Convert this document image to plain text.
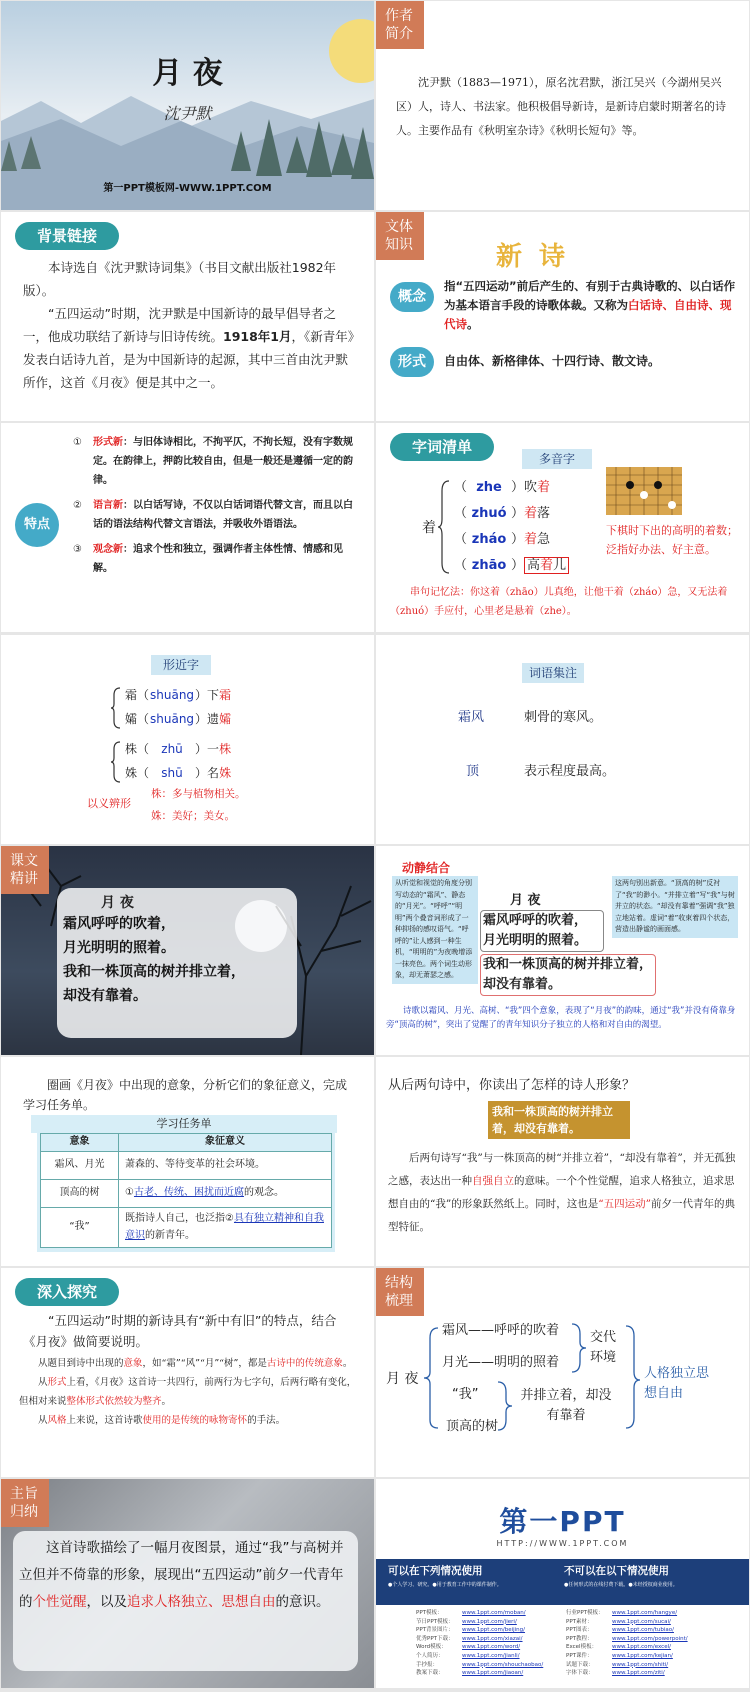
月 夜
沈尹默
第一PPT模板网-WWW.1PPT.COM
作者
简介
沈尹默（1883—1971），原名沈君默，浙江吴兴（今湖州吴兴区）人，诗人、书法家。他积极倡导新诗，是新诗启蒙时期著名的诗人。主要作品有《秋明室杂诗》《秋明长短句》等。
背景链接

本诗选自《沈尹默诗词集》（书目文献出版社1982年版）。

“五四运动”时期，沈尹默是中国新诗的最早倡导者之一，他成功联结了新诗与旧诗传统。1918年1月，《新青年》发表白话诗九首，是为中国新诗的起源，其中三首由沈尹默所作，这首《月夜》便是其中之一。

文体
知识	新 诗
概念
指“五四运动”前后产生的、有别于古典诗歌的、以白话作为基本语言手段的诗歌体裁。又称为白话诗、自由诗、现代诗。
形式	自由体、新格律体、十四行诗、散文诗。
特点
①	形式新：与旧体诗相比，不拘平仄，不拘长短，没有字数规定。在韵律上，押韵比较自由，但是一般还是遵循一定的韵律。
②	语言新：以白话写诗，不仅以白话词语代替文言，而且以白话的语法结构代替文言语法，并吸收外语语法。
③	观念新：追求个性和独立，强调作者主体性情、情感和见解。
字词清单
多音字
着
（ zhe ）吹着
（ zhuó ）着落
（ zháo ）着急
（ zhāo ） 高着儿
下棋时下出的高明的着数；泛指好办法、好主意。
串句记忆法：你这着（zhāo）儿真绝，让他干着（zháo）急，又无法着（zhuó）手应付，心里老是悬着（zhe）。
形近字
霜（shuāng）下霜
孀（shuāng）遗孀
株（ zhū ）一株
姝（ shū ）名姝
以义辨形
株：多与植物相关。
姝：美好；美女。
词语集注
霜风	刺骨的寒风。
顶	表示程度最高。
课文
精讲
月 夜
霜风呼呼的吹着，
月光明明的照着。
我和一株顶高的树并排立着，
却没有靠着。
动静结合
从听觉和视觉的角度分别写动态的“霜风”、静态的“月光”。“呼呼”“明明”两个叠音词形成了一种抑扬的感叹语气。“呼呼的”让人感到一种生机，“明明的”为夜晚增添一抹亮色。两个词生动形象，却无萧瑟之感。
这两句别出新意。“顶高的树”反衬了“我”的渺小。“并排立着”写“我”与树并立的状态。“却没有靠着”强调“我”独立地站着。虚词“着”收束着四个状态，营造出静谧的画面感。
月 夜
霜风呼呼的吹着，
月光明明的照着。
我和一株顶高的树并排立着，
却没有靠着。
诗歌以霜风、月光、高树、“我”四个意象，表现了“月夜”的韵味，通过“我”并没有倚靠身旁“顶高的树”，突出了觉醒了的青年知识分子独立的人格和对自由的渴望。
圈画《月夜》中出现的意象，分析它们的象征意义，完成学习任务单。
学习任务单
意象	象征意义
霜风、月光	萧森的、等待变革的社会环境。
顶高的树	①古老、传统、困扰而近腐的观念。
“我”	既指诗人自己，也泛指②具有独立精神和自我意识的新青年。
从后两句诗中，你读出了怎样的诗人形象？
我和一株顶高的树并排立着，却没有靠着。
后两句诗写“我”与一株顶高的树“并排立着”，“却没有靠着”，并无孤独之感，表达出一种自强自立的意味。一个个性觉醒，追求人格独立，追求思想自由的“我”的形象跃然纸上。同时，这也是“五四运动”前夕一代青年的典型特征。
深入探究
“五四运动”时期的新诗具有“新中有旧”的特点，结合《月夜》做简要说明。

从题目到诗中出现的意象，如“霜”“风”“月”“树”，都是古诗中的传统意象。

从形式上看，《月夜》这首诗一共四行，前两行为七字句，后两行略有变化，但相对来说整体形式依然较为整齐。

从风格上来说，这首诗歌使用的是传统的咏物寄怀的手法。

结构
梳理
月 夜
霜风——呼呼的吹着
月光——明明的照着
“我”
顶高的树
交代环境
并排立着，却没有靠着
人格独立思想自由
主旨
归纳
这首诗歌描绘了一幅月夜图景，通过“我”与高树并立但并不倚靠的形象，展现出“五四运动”前夕一代青年的个性觉醒，以及追求人格独立、思想自由的意识。
第一PPT
HTTP://WWW.1PPT.COM
可以在下列情况使用	不可以在以下情况使用
●个人学习、研究。●用于教育工作中的课件制作。	●任何形式的在线付费下载。●未经授权商业使用。
PPT模板：	www.1ppt.com/moban/
节日PPT模板： www.1ppt.com/jieri/
PPT背景图片： www.1ppt.com/beijing/
优秀PPT下载： www.1ppt.com/xiazai/
Word模板：	www.1ppt.com/word/
个人简历：	www.1ppt.com/jianli/
手抄报：	www.1ppt.com/shouchaobao/
教案下载：	www.1ppt.com/jiaoan/
行业PPT模板： www.1ppt.com/hangye/
PPT素材：	www.1ppt.com/sucai/
PPT图表：	www.1ppt.com/tubiao/
PPT教程：	www.1ppt.com/powerpoint/
Excel模板：	www.1ppt.com/excel/
PPT课件：	www.1ppt.com/kejian/
试题下载：	www.1ppt.com/shiti/
字体下载：	www.1ppt.com/ziti/
